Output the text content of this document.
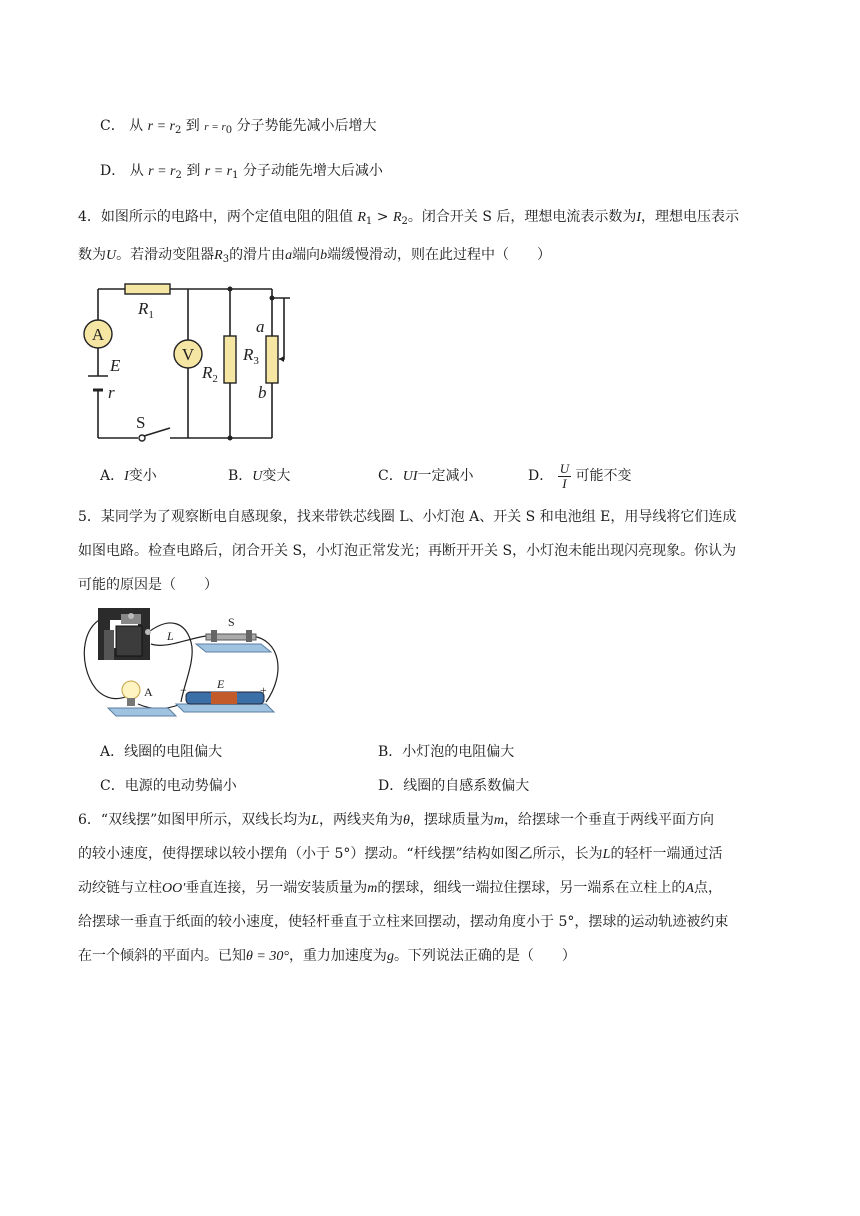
C． 从 $r = r_2$ 到 $r = r_0$ 分子势能先减小后增大
D． 从 $r = r_2$ 到 $r = r_1$ 分子动能先增大后减小
4．如图所示的电路中，两个定值电阻的阻值 $R_1 > R_2$。闭合开关 S 后，理想电流表示数为I，理想电压表示
数为U。若滑动变阻器$R_3$的滑片由a端向b端缓慢滑动，则在此过程中（　　）
A
V
$R_1$
$R_2$
$R_3$
a
b
E
r
S
A．I变小	B．U变大	C．UI一定减小	D． $\frac{U}{I}$ 可能不变
5．某同学为了观察断电自感现象，找来带铁芯线圈 L、小灯泡 A、开关 S 和电池组 E，用导线将它们连成
如图电路。检查电路后，闭合开关 S，小灯泡正常发光；再断开开关 S，小灯泡未能出现闪亮现象。你认为
可能的原因是（　　）
L
S
A
E
−	+
A．线圈的电阻偏大	B．小灯泡的电阻偏大
C．电源的电动势偏小	D．线圈的自感系数偏大
6．“双线摆”如图甲所示，双线长均为L，两线夹角为θ，摆球质量为m，给摆球一个垂直于两线平面方向
的较小速度，使得摆球以较小摆角（小于 5°）摆动。“杆线摆”结构如图乙所示，长为L的轻杆一端通过活
动绞链与立柱OO′垂直连接，另一端安装质量为m的摆球，细线一端拉住摆球，另一端系在立柱上的A点，
给摆球一垂直于纸面的较小速度，使轻杆垂直于立柱来回摆动，摆动角度小于 5°，摆球的运动轨迹被约束
在一个倾斜的平面内。已知θ = 30°，重力加速度为g。下列说法正确的是（　　）
